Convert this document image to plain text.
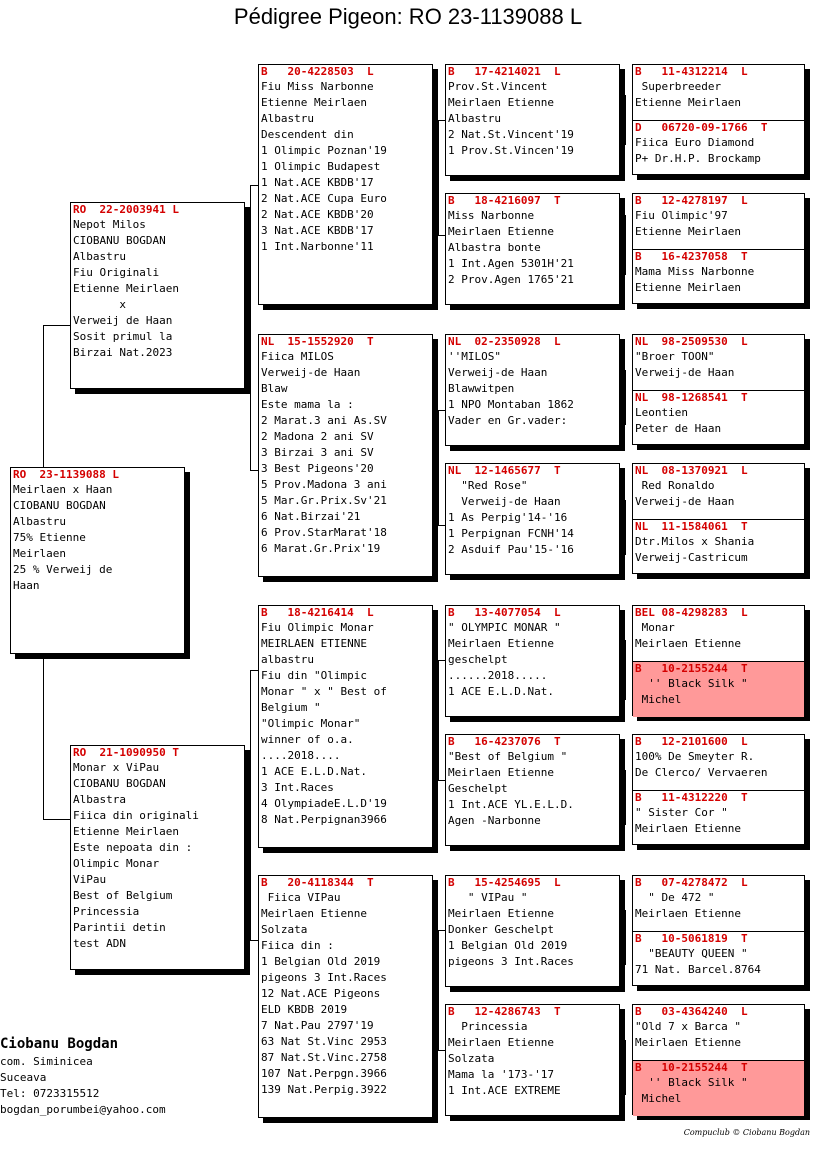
Pédigree Pigeon: RO 23-1139088 L
RO  23-1139088 L
Meirlaen x Haan
CIOBANU BOGDAN
Albastru
75% Etienne
Meirlaen
25 % Verweij de
Haan
RO  22-2003941 L
Nepot Milos
CIOBANU BOGDAN
Albastru
Fiu Originali
Etienne Meirlaen
x
Verweij de Haan
Sosit primul la
Birzai Nat.2023
RO  21-1090950 T
Monar x ViPau
CIOBANU BOGDAN
Albastra
Fiica din originali
Etienne Meirlaen
Este nepoata din :
Olimpic Monar
ViPau
Best of Belgium
Princessia
Parintii detin
test ADN
B   20-4228503  L
Fiu Miss Narbonne
Etienne Meirlaen
Albastru
Descendent din
1 Olimpic Poznan'19
1 Olimpic Budapest
1 Nat.ACE KBDB'17
2 Nat.ACE Cupa Euro
2 Nat.ACE KBDB'20
3 Nat.ACE KBDB'17
1 Int.Narbonne'11
NL  15-1552920  T
Fiica MILOS
Verweij-de Haan
Blaw
Este mama la :
2 Marat.3 ani As.SV
2 Madona 2 ani SV
3 Birzai 3 ani SV
3 Best Pigeons'20
5 Prov.Madona 3 ani
5 Mar.Gr.Prix.Sv'21
6 Nat.Birzai'21
6 Prov.StarMarat'18
6 Marat.Gr.Prix'19
B   18-4216414  L
Fiu Olimpic Monar
MEIRLAEN ETIENNE
albastru
Fiu din "Olimpic
Monar " x " Best of
Belgium "
"Olimpic Monar"
winner of o.a.
....2018....
1 ACE E.L.D.Nat.
3 Int.Races
4 OlympiadeE.L.D'19
8 Nat.Perpignan3966
B   20-4118344  T
Fiica VIPau
Meirlaen Etienne
Solzata
Fiica din :
1 Belgian Old 2019
pigeons 3 Int.Races
12 Nat.ACE Pigeons
ELD KBDB 2019
7 Nat.Pau 2797'19
63 Nat St.Vinc 2953
87 Nat.St.Vinc.2758
107 Nat.Perpgn.3966
139 Nat.Perpig.3922
B   17-4214021  L
Prov.St.Vincent
Meirlaen Etienne
Albastru
2 Nat.St.Vincent'19
1 Prov.St.Vincen'19
B   18-4216097  T
Miss Narbonne
Meirlaen Etienne
Albastra bonte
1 Int.Agen 5301H'21
2 Prov.Agen 1765'21
NL  02-2350928  L
''MILOS"
Verweij-de Haan
Blawwitpen
1 NPO Montaban 1862
Vader en Gr.vader:
NL  12-1465677  T
"Red Rose"
Verweij-de Haan
1 As Perpig'14-'16
1 Perpignan FCNH'14
2 Asduif Pau'15-'16
B   13-4077054  L
" OLYMPIC MONAR "
Meirlaen Etienne
geschelpt
......2018.....
1 ACE E.L.D.Nat.
B   16-4237076  T
"Best of Belgium "
Meirlaen Etienne
Geschelpt
1 Int.ACE YL.E.L.D.
Agen -Narbonne
B   15-4254695  L
" VIPau "
Meirlaen Etienne
Donker Geschelpt
1 Belgian Old 2019
pigeons 3 Int.Races
B   12-4286743  T
Princessia
Meirlaen Etienne
Solzata
Mama la '173-'17
1 Int.ACE EXTREME
B   11-4312214  L
Superbreeder
Etienne Meirlaen
D   06720-09-1766  T
Fiica Euro Diamond
P+ Dr.H.P. Brockamp
B   12-4278197  L
Fiu Olimpic'97
Etienne Meirlaen
B   16-4237058  T
Mama Miss Narbonne
Etienne Meirlaen
NL  98-2509530  L
"Broer TOON"
Verweij-de Haan
NL  98-1268541  T
Leontien
Peter de Haan
NL  08-1370921  L
Red Ronaldo
Verweij-de Haan
NL  11-1584061  T
Dtr.Milos x Shania
Verweij-Castricum
BEL 08-4298283  L
Monar
Meirlaen Etienne
B   10-2155244  T
'' Black Silk "
Michel
B   12-2101600  L
100% De Smeyter R.
De Clerco/ Vervaeren
B   11-4312220  T
" Sister Cor "
Meirlaen Etienne
B   07-4278472  L
" De 472 "
Meirlaen Etienne
B   10-5061819  T
"BEAUTY QUEEN "
71 Nat. Barcel.8764
B   03-4364240  L
"Old 7 x Barca "
Meirlaen Etienne
B   10-2155244  T
'' Black Silk "
Michel
Ciobanu Bogdan
com. Siminicea
Suceava
Tel: 0723315512
bogdan_porumbei@yahoo.com
Compuclub © Ciobanu Bogdan
